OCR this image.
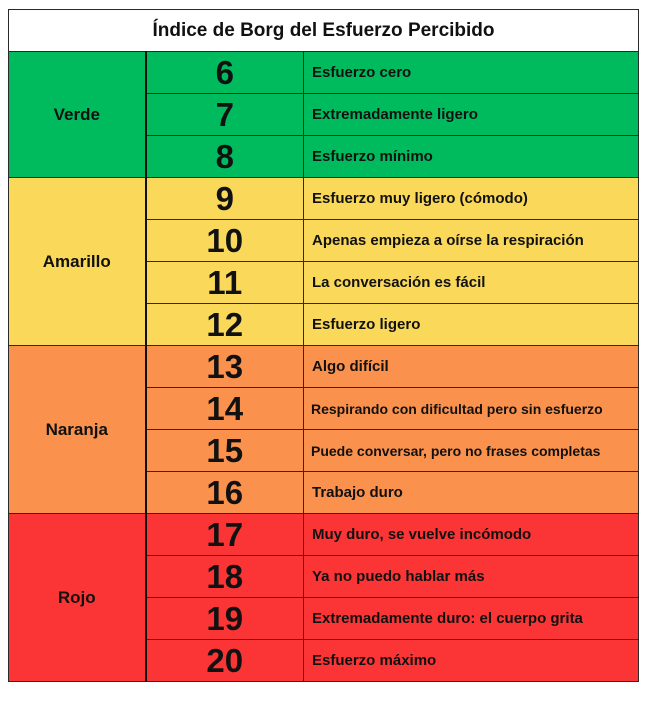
Índice de Borg del Esfuerzo Percibido		
Verde	6	Esfuerzo cero
	7	Extremadamente ligero
	8	Esfuerzo mínimo
Amarillo	9	Esfuerzo muy ligero (cómodo)
	10	Apenas empieza a oírse la respiración
	11	La conversación es fácil
	12	Esfuerzo ligero
Naranja	13	Algo difícil
	14	Respirando con dificultad pero sin esfuerzo
	15	Puede conversar, pero no frases completas
	16	Trabajo duro
Rojo	17	Muy duro, se vuelve incómodo
	18	Ya no puedo hablar más
	19	Extremadamente duro: el cuerpo grita
	20	Esfuerzo máximo
